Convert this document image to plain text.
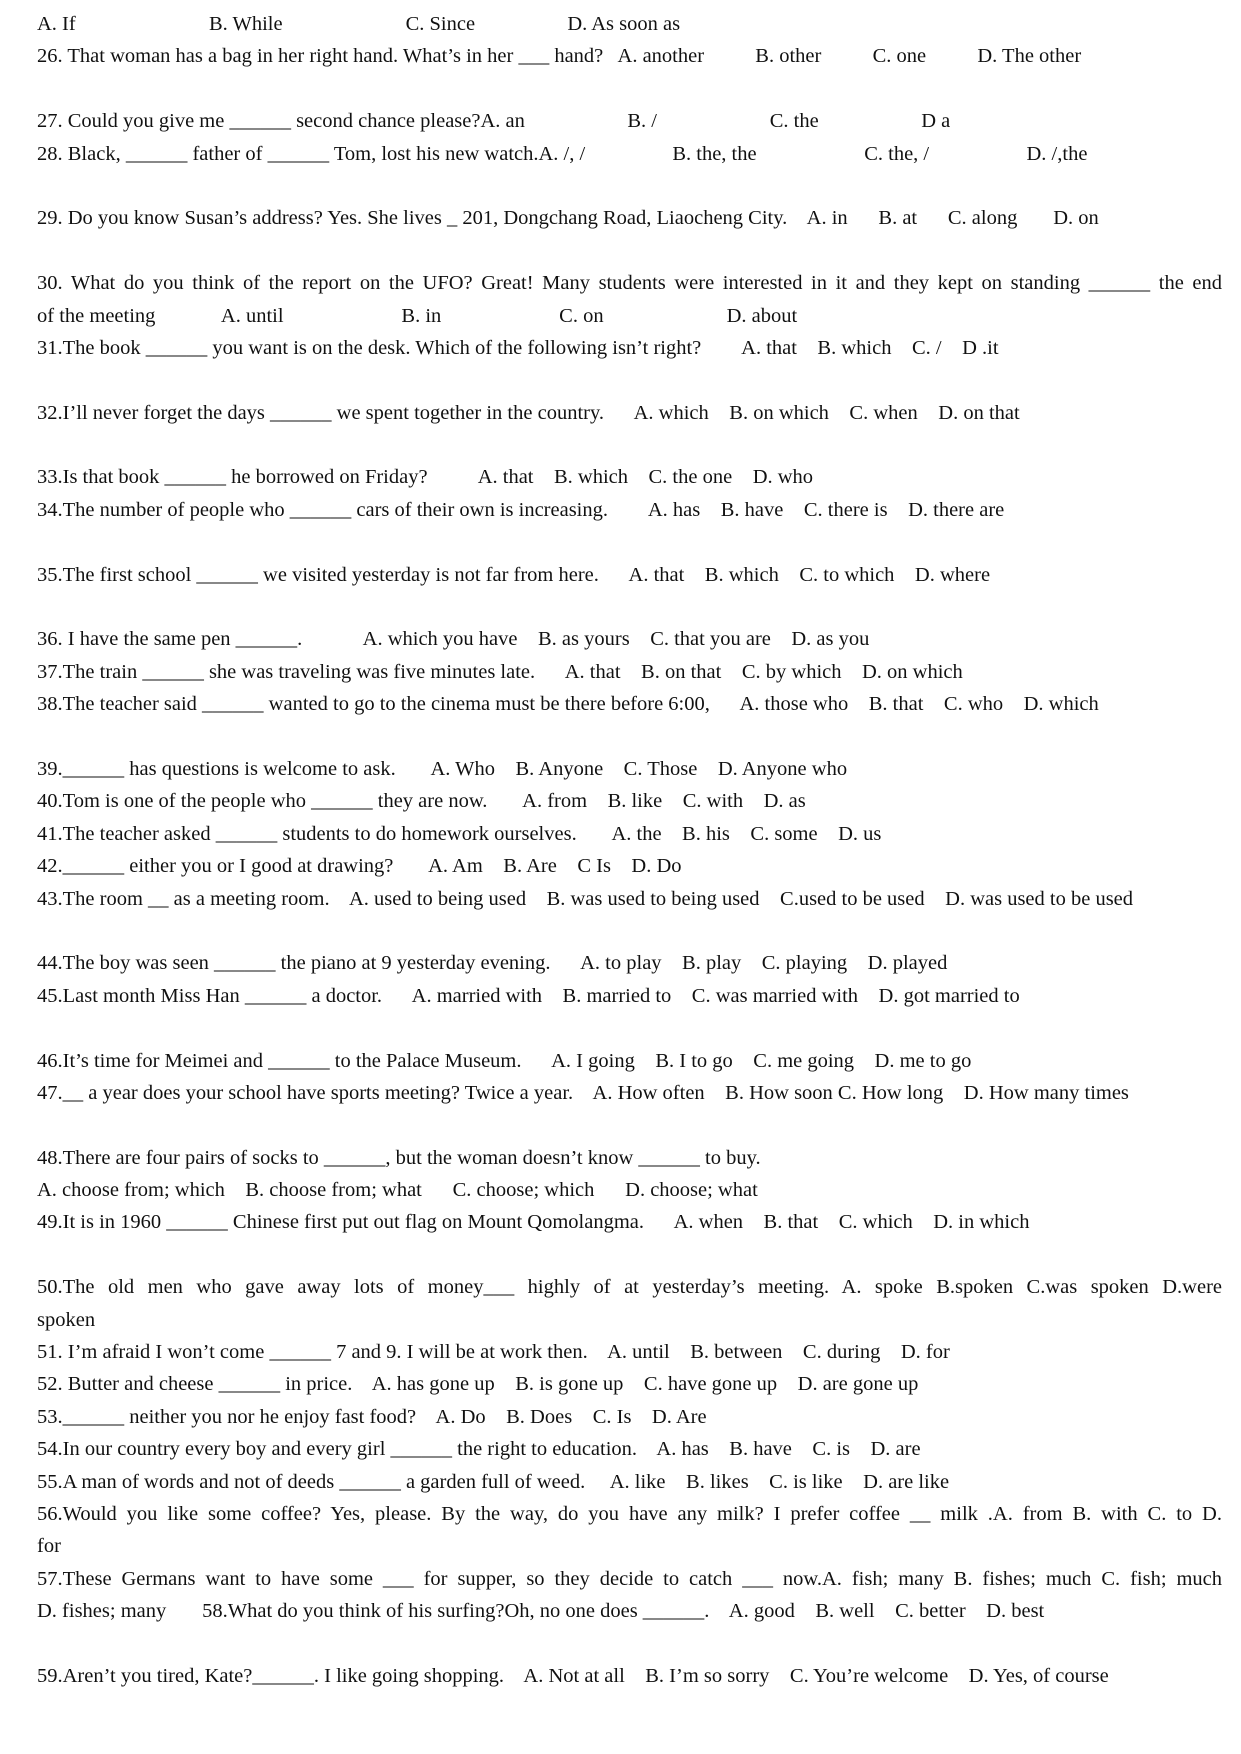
A. If                          B. While                        C. Since                  D. As soon as
26. That woman has a bag in her right hand. What’s in her ___ hand?   A. another          B. other          C. one          D. The other
27. Could you give me ______ second chance please?A. an                    B. /                      C. the                    D a
28. Black, ______ father of ______ Tom, lost his new watch.A. /, /                 B. the, the                     C. the, /                   D. /,the
29. Do you know Susan’s address? Yes. She lives _ 201, Dongchang Road, Liaocheng City.    A. in      B. at      C. along       D. on
30. What do you think of the report on the UFO? Great! Many students were interested in it and they kept on standing ______ the end
of the meeting             A. until                       B. in                       C. on                        D. about
31.The book ______ you want is on the desk. Which of the following isn’t right?        A. that    B. which    C. /    D .it
32.I’ll never forget the days ______ we spent together in the country.      A. which    B. on which    C. when    D. on that
33.Is that book ______ he borrowed on Friday?          A. that    B. which    C. the one    D. who
34.The number of people who ______ cars of their own is increasing.        A. has    B. have    C. there is    D. there are
35.The first school ______ we visited yesterday is not far from here.      A. that    B. which    C. to which    D. where
36. I have the same pen ______.            A. which you have    B. as yours    C. that you are    D. as you
37.The train ______ she was traveling was five minutes late.      A. that    B. on that    C. by which    D. on which
38.The teacher said ______ wanted to go to the cinema must be there before 6:00,      A. those who    B. that    C. who    D. which
39.______ has questions is welcome to ask.       A. Who    B. Anyone    C. Those    D. Anyone who
40.Tom is one of the people who ______ they are now.       A. from    B. like    C. with    D. as
41.The teacher asked ______ students to do homework ourselves.       A. the    B. his    C. some    D. us
42.______ either you or I good at drawing?       A. Am    B. Are    C Is    D. Do
43.The room __ as a meeting room.    A. used to being used    B. was used to being used    C.used to be used    D. was used to be used
44.The boy was seen ______ the piano at 9 yesterday evening.      A. to play    B. play    C. playing    D. played
45.Last month Miss Han ______ a doctor.      A. married with    B. married to    C. was married with    D. got married to
46.It’s time for Meimei and ______ to the Palace Museum.      A. I going    B. I to go    C. me going    D. me to go
47.__ a year does your school have sports meeting? Twice a year.    A. How often    B. How soon C. How long    D. How many times
48.There are four pairs of socks to ______, but the woman doesn’t know ______ to buy.
A. choose from; which    B. choose from; what      C. choose; which      D. choose; what
49.It is in 1960 ______ Chinese first put out flag on Mount Qomolangma.      A. when    B. that    C. which    D. in which
50.The old men who gave away lots of money___ highly of at yesterday’s meeting. A. spoke B.spoken C.was spoken D.were
spoken
51. I’m afraid I won’t come ______ 7 and 9. I will be at work then.    A. until    B. between    C. during    D. for
52. Butter and cheese ______ in price.    A. has gone up    B. is gone up    C. have gone up    D. are gone up
53.______ neither you nor he enjoy fast food?    A. Do    B. Does    C. Is    D. Are
54.In our country every boy and every girl ______ the right to education.    A. has    B. have    C. is    D. are
55.A man of words and not of deeds ______ a garden full of weed.     A. like    B. likes    C. is like    D. are like
56.Would you like some coffee? Yes, please. By the way, do you have any milk? I prefer coffee __ milk .A. from B. with C. to D.
for
57.These Germans want to have some ___ for supper, so they decide to catch ___ now.A. fish; many B. fishes; much C. fish; much
D. fishes; many       58.What do you think of his surfing?Oh, no one does ______.    A. good    B. well    C. better    D. best
59.Aren’t you tired, Kate?______. I like going shopping.    A. Not at all    B. I’m so sorry    C. You’re welcome    D. Yes, of course
